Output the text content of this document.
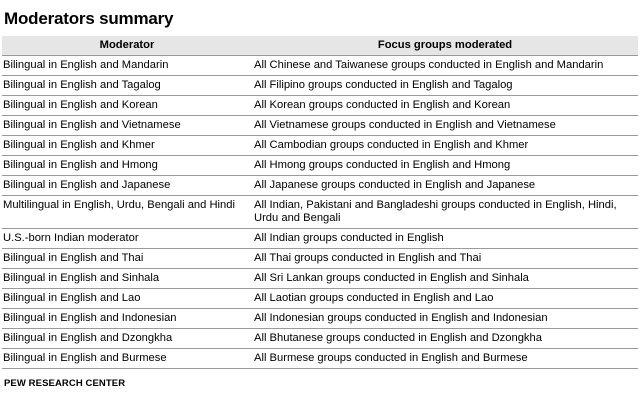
Moderators summary
Moderator	Focus groups moderated
Bilingual in English and Mandarin	All Chinese and Taiwanese groups conducted in English and Mandarin
Bilingual in English and Tagalog	All Filipino groups conducted in English and Tagalog
Bilingual in English and Korean	All Korean groups conducted in English and Korean
Bilingual in English and Vietnamese	All Vietnamese groups conducted in English and Vietnamese
Bilingual in English and Khmer	All Cambodian groups conducted in English and Khmer
Bilingual in English and Hmong	All Hmong groups conducted in English and Hmong
Bilingual in English and Japanese	All Japanese groups conducted in English and Japanese
Multilingual in English, Urdu, Bengali and Hindi	All Indian, Pakistani and Bangladeshi groups conducted in English, Hindi, Urdu and Bengali
U.S.-born Indian moderator	All Indian groups conducted in English
Bilingual in English and Thai	All Thai groups conducted in English and Thai
Bilingual in English and Sinhala	All Sri Lankan groups conducted in English and Sinhala
Bilingual in English and Lao	All Laotian groups conducted in English and Lao
Bilingual in English and Indonesian	All Indonesian groups conducted in English and Indonesian
Bilingual in English and Dzongkha	All Bhutanese groups conducted in English and Dzongkha
Bilingual in English and Burmese	All Burmese groups conducted in English and Burmese
PEW RESEARCH CENTER
